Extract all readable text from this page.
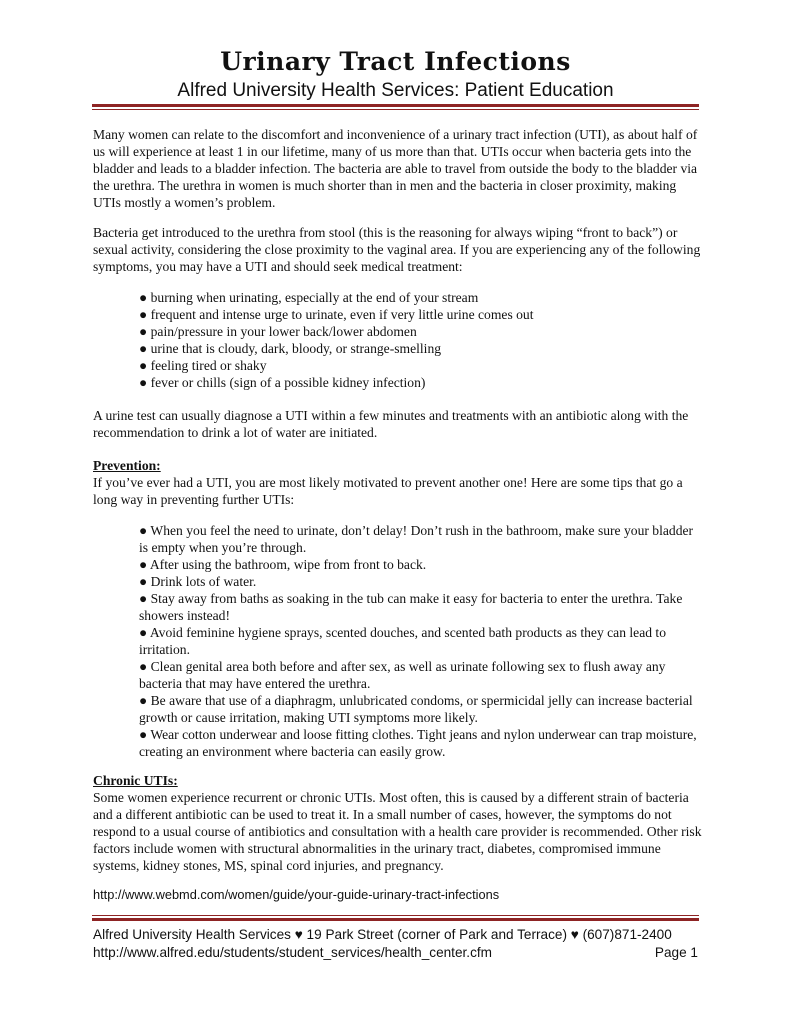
Urinary Tract Infections
Alfred University Health Services: Patient Education

Many women can relate to the discomfort and inconvenience of a urinary tract infection (UTI), as about half of us will experience at least 1 in our lifetime, many of us more than that. UTIs occur when bacteria gets into the bladder and leads to a bladder infection. The bacteria are able to travel from outside the body to the bladder via the urethra. The urethra in women is much shorter than in men and the bacteria in closer proximity, making UTIs mostly a women’s problem.

Bacteria get introduced to the urethra from stool (this is the reasoning for always wiping “front to back”) or sexual activity, considering the close proximity to the vaginal area. If you are experiencing any of the following symptoms, you may have a UTI and should seek medical treatment:

● burning when urinating, especially at the end of your stream
● frequent and intense urge to urinate, even if very little urine comes out
● pain/pressure in your lower back/lower abdomen
● urine that is cloudy, dark, bloody, or strange-smelling
● feeling tired or shaky
● fever or chills (sign of a possible kidney infection)

A urine test can usually diagnose a UTI within a few minutes and treatments with an antibiotic along with the recommendation to drink a lot of water are initiated.

Prevention:

If you’ve ever had a UTI, you are most likely motivated to prevent another one! Here are some tips that go a long way in preventing further UTIs:

● When you feel the need to urinate, don’t delay! Don’t rush in the bathroom, make sure your bladder is empty when you’re through.
● After using the bathroom, wipe from front to back.
● Drink lots of water.
● Stay away from baths as soaking in the tub can make it easy for bacteria to enter the urethra. Take showers instead!
● Avoid feminine hygiene sprays, scented douches, and scented bath products as they can lead to irritation.
● Clean genital area both before and after sex, as well as urinate following sex to flush away any bacteria that may have entered the urethra.
● Be aware that use of a diaphragm, unlubricated condoms, or spermicidal jelly can increase bacterial growth or cause irritation, making UTI symptoms more likely.
● Wear cotton underwear and loose fitting clothes. Tight jeans and nylon underwear can trap moisture, creating an environment where bacteria can easily grow.
Chronic UTIs:

Some women experience recurrent or chronic UTIs. Most often, this is caused by a different strain of bacteria and a different antibiotic can be used to treat it. In a small number of cases, however, the symptoms do not respond to a usual course of antibiotics and consultation with a health care provider is recommended. Other risk factors include women with structural abnormalities in the urinary tract, diabetes, compromised immune systems, kidney stones, MS, spinal cord injuries, and pregnancy.

http://www.webmd.com/women/guide/your-guide-urinary-tract-infections
Alfred University Health Services ♥ 19 Park Street (corner of Park and Terrace) ♥ (607)871-2400
http://www.alfred.edu/students/student_services/health_center.cfm	Page 1
